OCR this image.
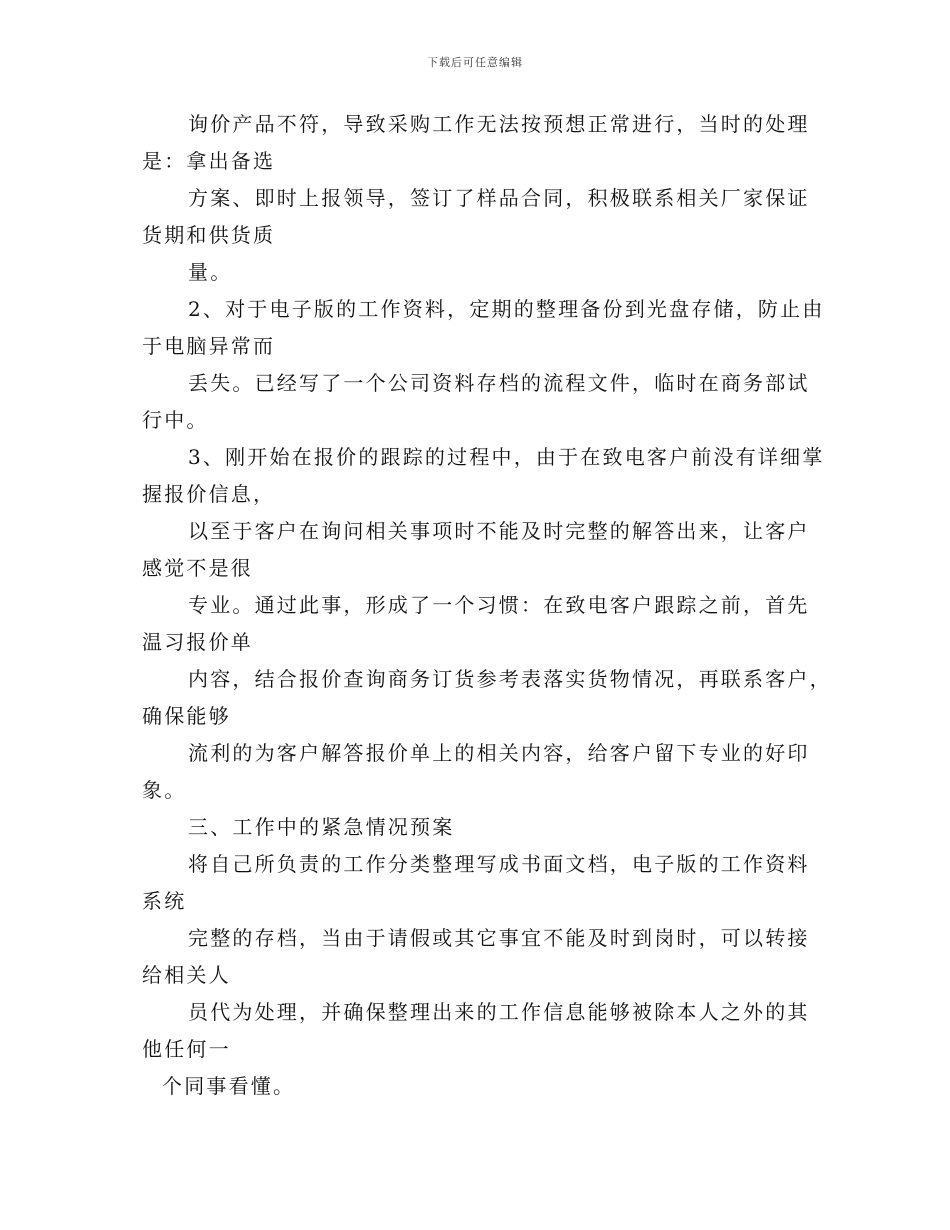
下载后可任意编辑
询价产品不符，导致采购工作无法按预想正常进行，当时的处理
是：拿出备选
方案、即时上报领导，签订了样品合同，积极联系相关厂家保证
货期和供货质
量。
2、对于电子版的工作资料，定期的整理备份到光盘存储，防止由
于电脑异常而
丢失。已经写了一个公司资料存档的流程文件，临时在商务部试
行中。
3、刚开始在报价的跟踪的过程中，由于在致电客户前没有详细掌
握报价信息，
以至于客户在询问相关事项时不能及时完整的解答出来，让客户
感觉不是很
专业。通过此事，形成了一个习惯：在致电客户跟踪之前，首先
温习报价单
内容，结合报价查询商务订货参考表落实货物情况，再联系客户，
确保能够
流利的为客户解答报价单上的相关内容，给客户留下专业的好印
象。
三、工作中的紧急情况预案
将自己所负责的工作分类整理写成书面文档，电子版的工作资料
系统
完整的存档，当由于请假或其它事宜不能及时到岗时，可以转接
给相关人
员代为处理，并确保整理出来的工作信息能够被除本人之外的其
他任何一
个同事看懂。
